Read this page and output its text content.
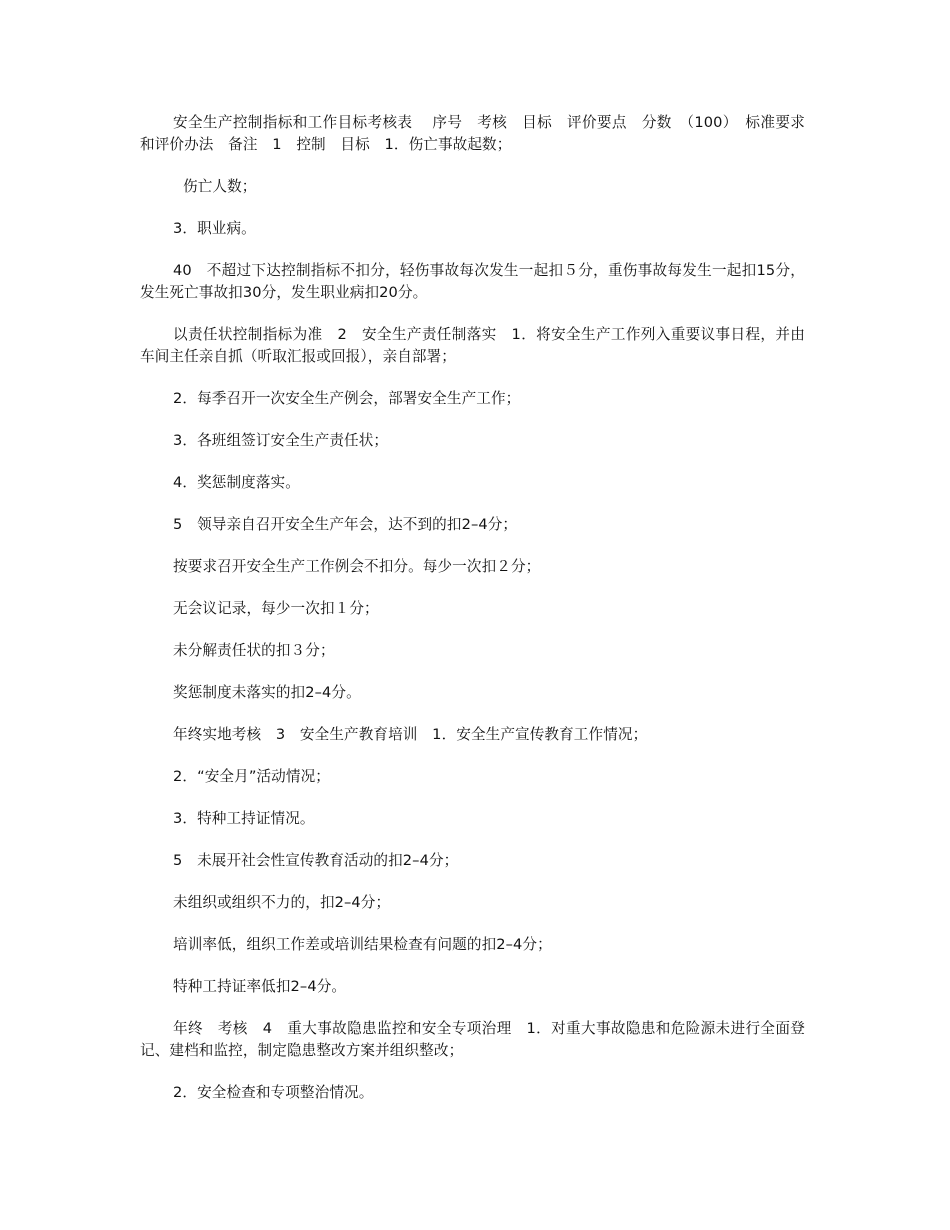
安全生产控制指标和工作目标考核表　 序号　考核　目标　评价要点　分数　（100）　标准要求和评价办法　备注　1　控制　目标　1．伤亡事故起数；

伤亡人数；

3．职业病。

40　不超过下达控制指标不扣分，轻伤事故每次发生一起扣５分，重伤事故每发生一起扣15分，发生死亡事故扣30分，发生职业病扣20分。

以责任状控制指标为准　2　安全生产责任制落实　1．将安全生产工作列入重要议事日程，并由车间主任亲自抓（听取汇报或回报），亲自部署；

2．每季召开一次安全生产例会，部署安全生产工作；

3．各班组签订安全生产责任状；

4．奖惩制度落实。

5　领导亲自召开安全生产年会，达不到的扣2–4分；

按要求召开安全生产工作例会不扣分。每少一次扣２分；

无会议记录，每少一次扣１分；

未分解责任状的扣３分；

奖惩制度未落实的扣2–4分。

年终实地考核　3　安全生产教育培训　1．安全生产宣传教育工作情况；

2．“安全月”活动情况；

3．特种工持证情况。

5　未展开社会性宣传教育活动的扣2–4分；

未组织或组织不力的，扣2–4分；

培训率低，组织工作差或培训结果检查有问题的扣2–4分；

特种工持证率低扣2–4分。

年终　考核　4　重大事故隐患监控和安全专项治理　1．对重大事故隐患和危险源未进行全面登记、建档和监控，制定隐患整改方案并组织整改；

2．安全检查和专项整治情况。
